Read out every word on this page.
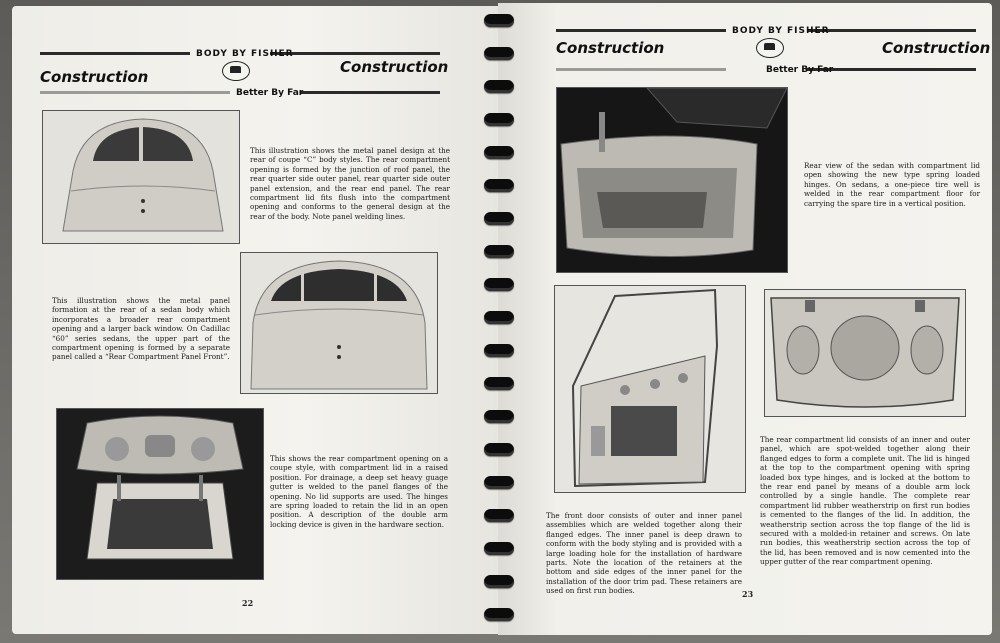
BODY BY FISHER
Construction
Construction
Better By Far
This illustration shows the metal panel design at the rear of coupe “C” body styles. The rear compartment opening is formed by the junction of roof panel, the rear quarter side outer panel, rear quarter side outer panel extension, and the rear end panel. The rear compartment lid fits flush into the compartment opening and conforms to the general design at the rear of the body. Note panel welding lines.
This illustration shows the metal panel formation at the rear of a sedan body which incorporates a broader rear compartment opening and a larger back window. On Cadillac “60” series sedans, the upper part of the compartment opening is formed by a separate panel called a “Rear Compartment Panel Front”.
This shows the rear compartment opening on a coupe style, with compartment lid in a raised position. For drainage, a deep set heavy guage gutter is welded to the panel flanges of the opening. No lid supports are used. The hinges are spring loaded to retain the lid in an open position. A description of the double arm locking device is given in the hardware section.
22
BODY BY FISHER
Construction	Construction
Better By Far
Rear view of the sedan with compartment lid open showing the new type spring loaded hinges. On sedans, a one-piece tire well is welded in the rear compartment floor for carrying the spare tire in a vertical position.
The front door consists of outer and inner panel assemblies which are welded together along their flanged edges. The inner panel is deep drawn to conform with the body styling and is provided with a large loading hole for the installation of hardware parts. Note the location of the retainers at the bottom and side edges of the inner panel for the installation of the door trim pad. These retainers are used on first run bodies.
The rear compartment lid consists of an inner and outer panel, which are spot-welded together along their flanged edges to form a complete unit. The lid is hinged at the top to the compartment opening with spring loaded box type hinges, and is locked at the bottom to the rear end panel by means of a double arm lock controlled by a single handle. The complete rear compartment lid rubber weatherstrip on first run bodies is cemented to the flanges of the lid. In addition, the weatherstrip section across the top flange of the lid is secured with a molded-in retainer and screws. On late run bodies, this weatherstrip section across the top of the lid, has been removed and is now cemented into the upper gutter of the rear compartment opening.
23
